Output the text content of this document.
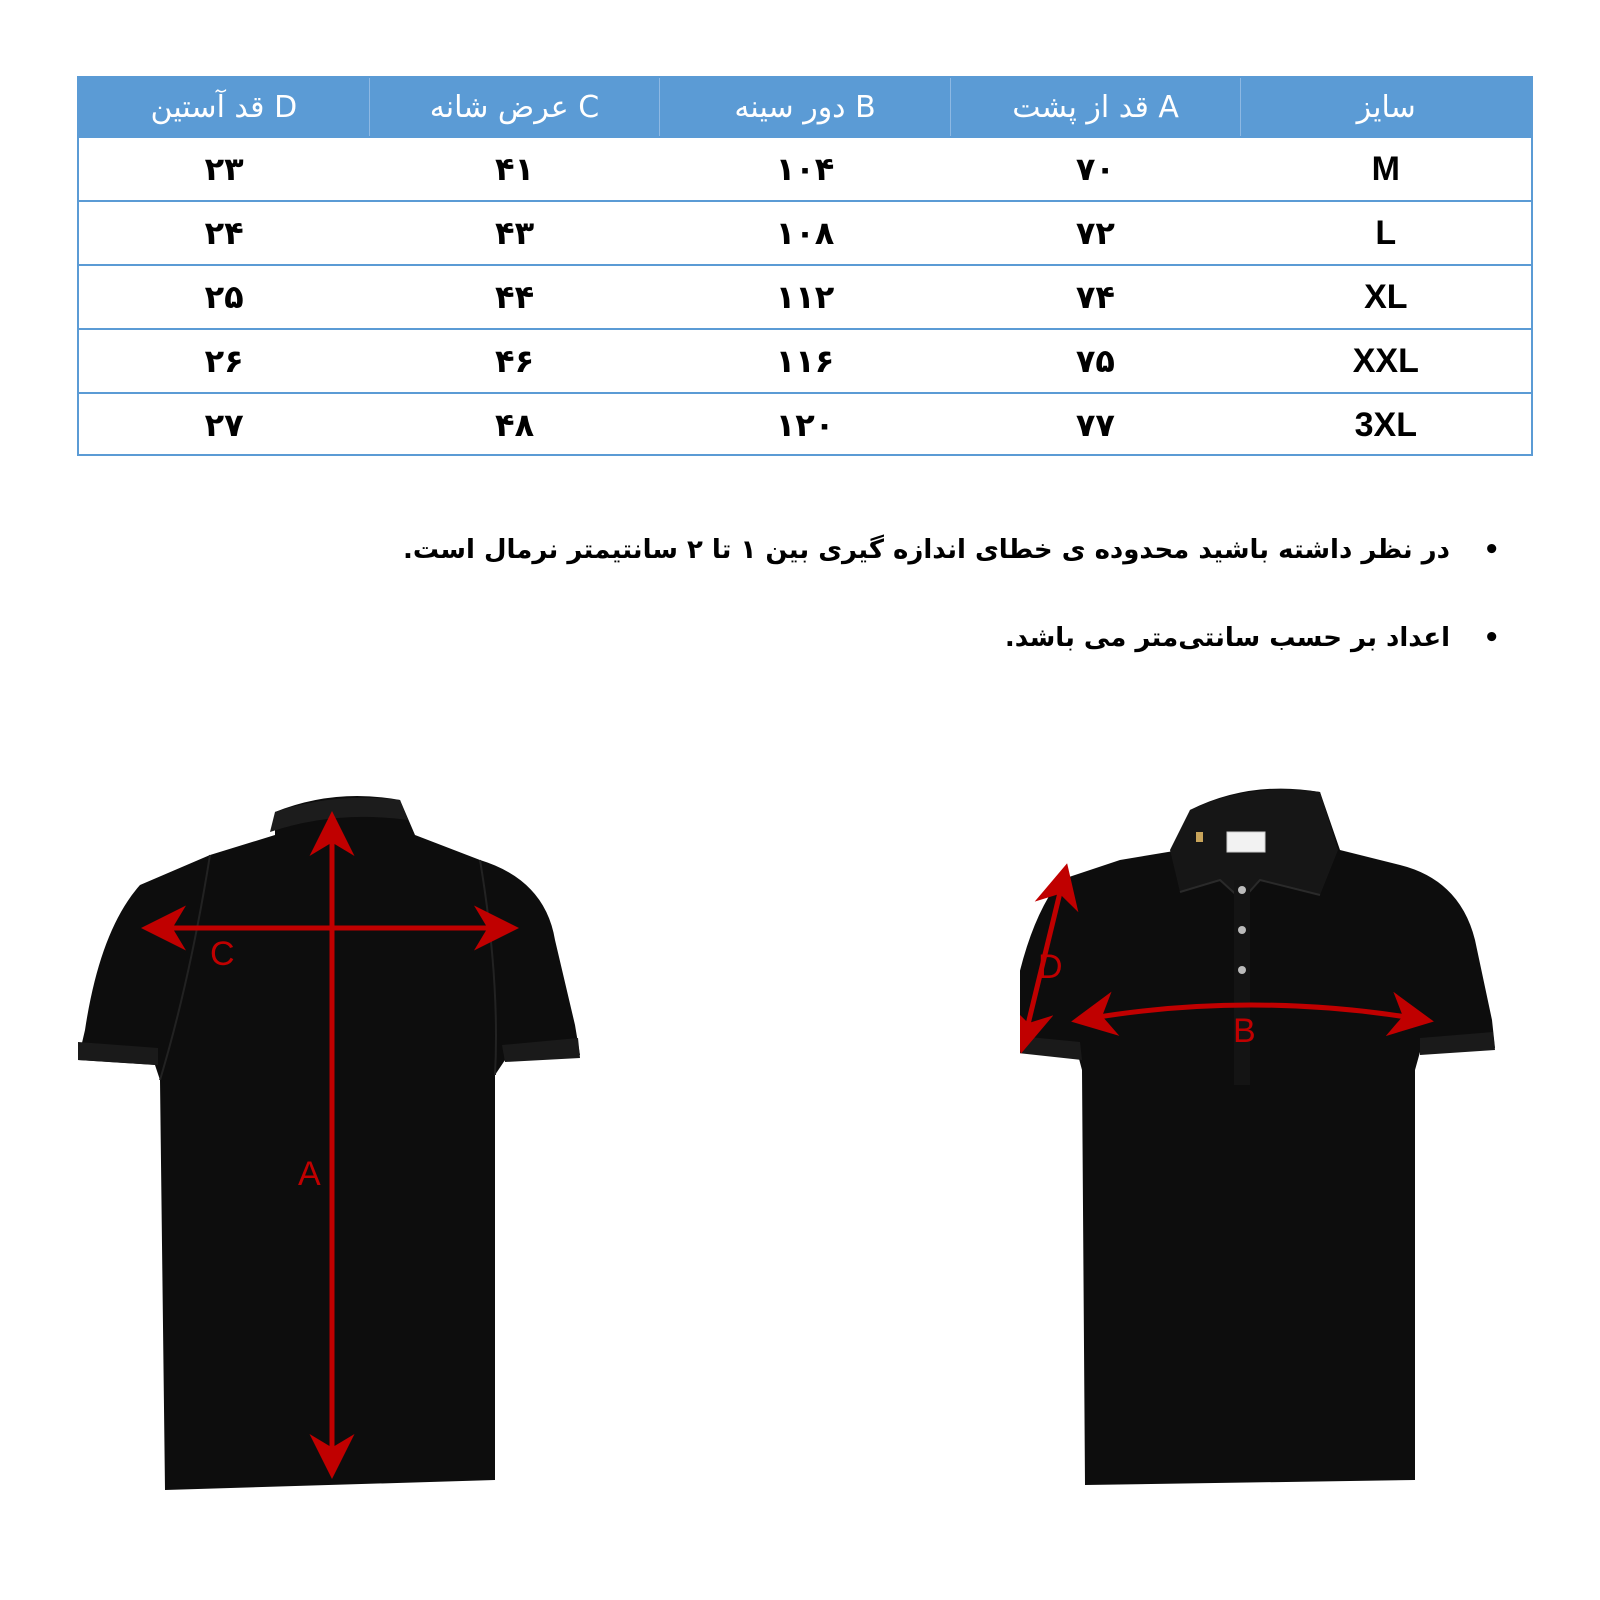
سایز
قد از پشت A
دور سینه B
عرض شانه C
قد آستین D
M
۷۰
۱۰۴
۴۱
۲۳
L
۷۲
۱۰۸
۴۳
۲۴
XL
۷۴
۱۱۲
۴۴
۲۵
XXL
۷۵
۱۱۶
۴۶
۲۶
3XL
۷۷
۱۲۰
۴۸
۲۷
•
در نظر داشته باشید محدوده ی خطای اندازه گیری بین ۱ تا ۲ سانتیمتر نرمال است.
•
اعداد بر حسب سانتی‌متر می باشد.
C
A
D
B
